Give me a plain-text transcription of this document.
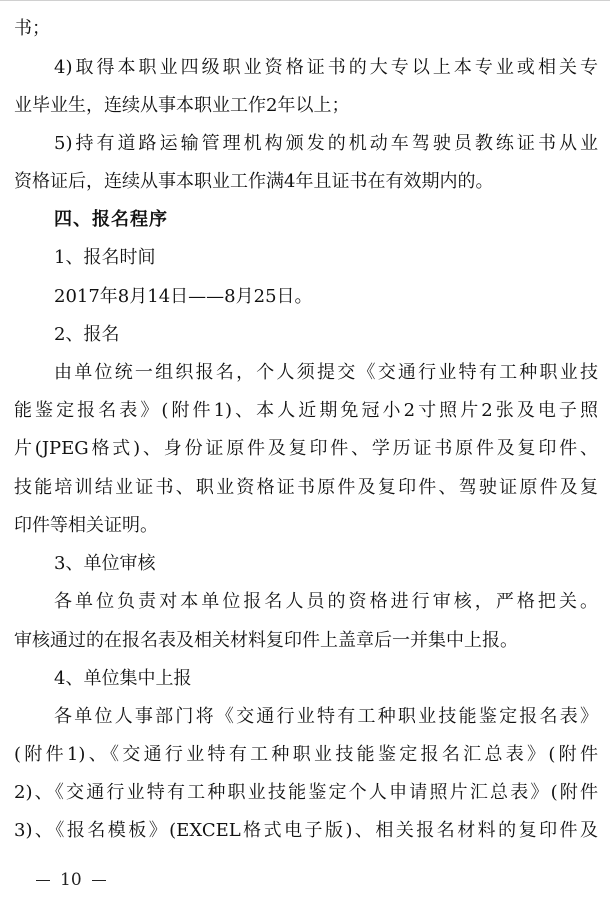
书；
4)取得本职业四级职业资格证书的大专以上本专业或相关专
业毕业生，连续从事本职业工作2年以上；
5)持有道路运输管理机构颁发的机动车驾驶员教练证书从业
资格证后，连续从事本职业工作满4年且证书在有效期内的。
四、报名程序
1、报名时间
2017年8月14日——8月25日。
2、报名
由单位统一组织报名，个人须提交《交通行业特有工种职业技
能鉴定报名表》(附件1)、本人近期免冠小2寸照片2张及电子照
片(JPEG格式)、身份证原件及复印件、学历证书原件及复印件、
技能培训结业证书、职业资格证书原件及复印件、驾驶证原件及复
印件等相关证明。
3、单位审核
各单位负责对本单位报名人员的资格进行审核，严格把关。
审核通过的在报名表及相关材料复印件上盖章后一并集中上报。
4、单位集中上报
各单位人事部门将《交通行业特有工种职业技能鉴定报名表》
(附件1)、《交通行业特有工种职业技能鉴定报名汇总表》(附件
2)、《交通行业特有工种职业技能鉴定个人申请照片汇总表》(附件
3)、《报名模板》(EXCEL格式电子版)、相关报名材料的复印件及
10
